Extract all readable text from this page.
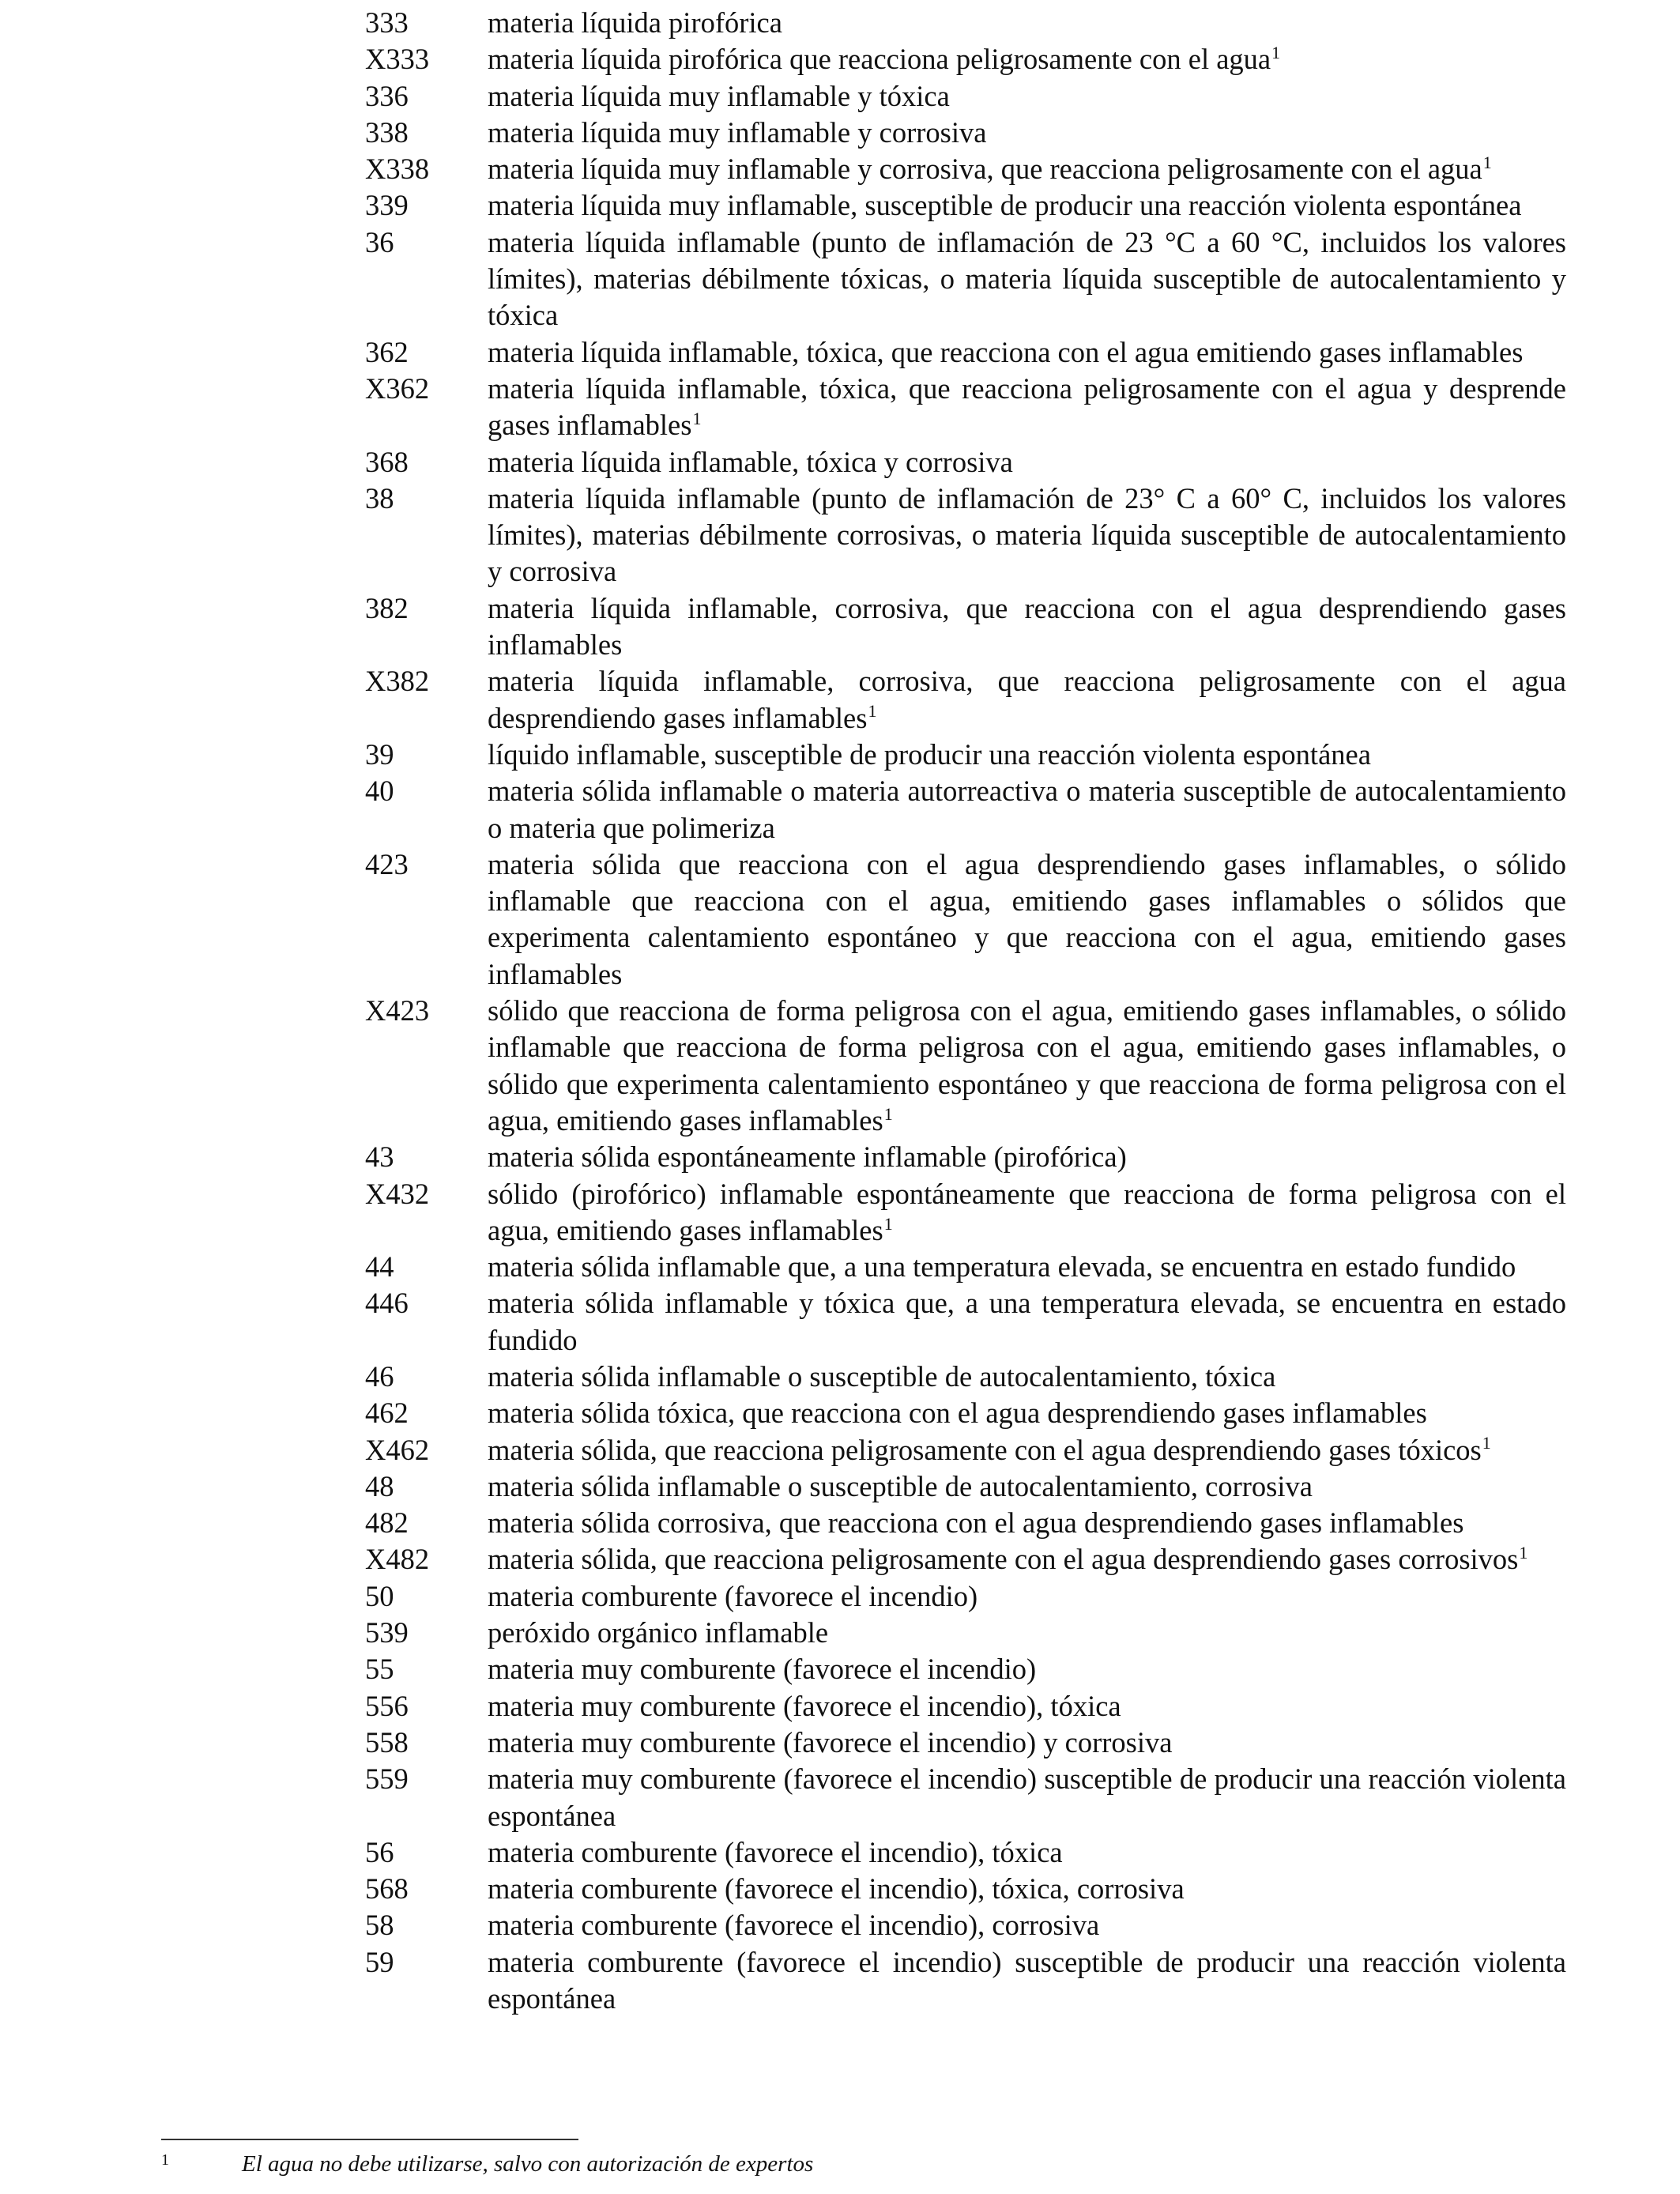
333	materia líquida pirofórica
X333	materia líquida pirofórica que reacciona peligrosamente con el agua$^1$
336	materia líquida muy inflamable y tóxica
338	materia líquida muy inflamable y corrosiva
X338	materia líquida muy inflamable y corrosiva, que reacciona peligrosamente con el agua$^1$
339	materia líquida muy inflamable, susceptible de producir una reacción violenta espontánea
36	materia líquida inflamable (punto de inflamación de 23 °C a 60 °C, incluidos los valores límites), materias débilmente tóxicas, o materia líquida susceptible de autocalentamiento y tóxica
362	materia líquida inflamable, tóxica, que reacciona con el agua emitiendo gases inflamables
X362	materia líquida inflamable, tóxica, que reacciona peligrosamente con el agua y desprende gases inflamables$^1$
368	materia líquida inflamable, tóxica y corrosiva
38	materia líquida inflamable (punto de inflamación de 23° C a 60° C, incluidos los valores límites), materias débilmente corrosivas, o materia líquida susceptible de autocalentamiento y corrosiva
382	materia líquida inflamable, corrosiva, que reacciona con el agua desprendiendo gases inflamables
X382	materia líquida inflamable, corrosiva, que reacciona peligrosamente con el agua desprendiendo gases inflamables$^1$
39	líquido inflamable, susceptible de producir una reacción violenta espontánea
40	materia sólida inflamable o materia autorreactiva o materia susceptible de autocalentamiento o materia que polimeriza
423	materia sólida que reacciona con el agua desprendiendo gases inflamables, o sólido inflamable que reacciona con el agua, emitiendo gases inflamables o sólidos que experimenta calentamiento espontáneo y que reacciona con el agua, emitiendo gases inflamables
X423	sólido que reacciona de forma peligrosa con el agua, emitiendo gases inflamables, o sólido inflamable que reacciona de forma peligrosa con el agua, emitiendo gases inflamables, o sólido que experimenta calentamiento espontáneo y que reacciona de forma peligrosa con el agua, emitiendo gases inflamables$^1$
43	materia sólida espontáneamente inflamable (pirofórica)
X432	sólido (pirofórico) inflamable espontáneamente que reacciona de forma peligrosa con el agua, emitiendo gases inflamables$^1$
44	materia sólida inflamable que, a una temperatura elevada, se encuentra en estado fundido
446	materia sólida inflamable y tóxica que, a una temperatura elevada, se encuentra en estado fundido
46	materia sólida inflamable o susceptible de autocalentamiento, tóxica
462	materia sólida tóxica, que reacciona con el agua desprendiendo gases inflamables
X462	materia sólida, que reacciona peligrosamente con el agua desprendiendo gases tóxicos$^1$
48	materia sólida inflamable o susceptible de autocalentamiento, corrosiva
482	materia sólida corrosiva, que reacciona con el agua desprendiendo gases inflamables
X482	materia sólida, que reacciona peligrosamente con el agua desprendiendo gases corrosivos$^1$
50	materia comburente (favorece el incendio)
539	peróxido orgánico inflamable
55	materia muy comburente (favorece el incendio)
556	materia muy comburente (favorece el incendio), tóxica
558	materia muy comburente (favorece el incendio) y corrosiva
559	materia muy comburente (favorece el incendio) susceptible de producir una reacción violenta espontánea
56	materia comburente (favorece el incendio), tóxica
568	materia comburente (favorece el incendio), tóxica, corrosiva
58	materia comburente (favorece el incendio), corrosiva
59	materia comburente (favorece el incendio) susceptible de producir una reacción violenta espontánea
1	El agua no debe utilizarse, salvo con autorización de expertos
